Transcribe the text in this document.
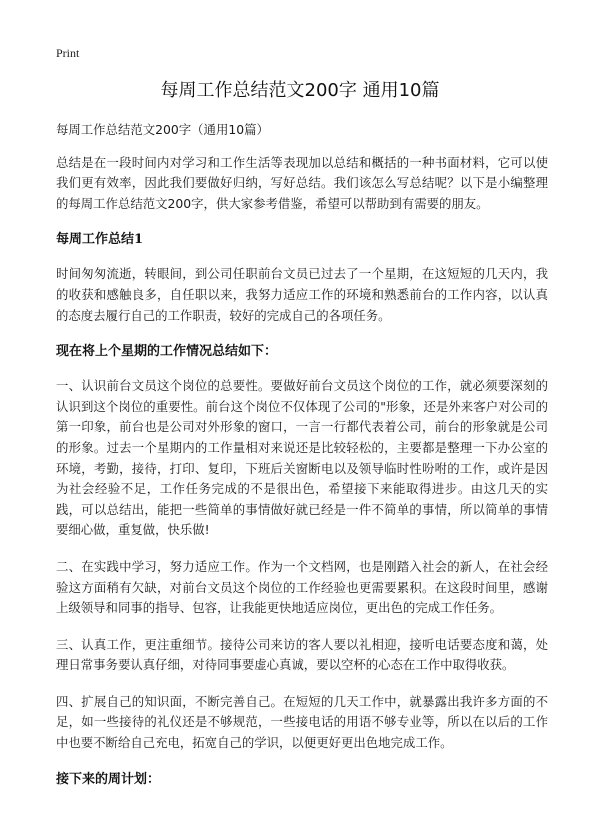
Print
每周工作总结范文200字 通用10篇

每周工作总结范文200字（通用10篇）

总结是在一段时间内对学习和工作生活等表现加以总结和概括的一种书面材料，它可以使我们更有效率，因此我们要做好归纳，写好总结。我们该怎么写总结呢？以下是小编整理的每周工作总结范文200字，供大家参考借鉴，希望可以帮助到有需要的朋友。

每周工作总结1

时间匆匆流逝，转眼间，到公司任职前台文员已过去了一个星期，在这短短的几天内，我的收获和感触良多，自任职以来，我努力适应工作的环境和熟悉前台的工作内容，以认真的态度去履行自己的工作职责，较好的完成自己的各项任务。

现在将上个星期的工作情况总结如下：

一、认识前台文员这个岗位的总要性。要做好前台文员这个岗位的工作，就必须要深刻的认识到这个岗位的重要性。前台这个岗位不仅体现了公司的"形象，还是外来客户对公司的第一印象，前台也是公司对外形象的窗口，一言一行都代表着公司，前台的形象就是公司的形象。过去一个星期内的工作量相对来说还是比较轻松的，主要都是整理一下办公室的环境，考勤，接待，打印、复印，下班后关窗断电以及领导临时性吩咐的工作，或许是因为社会经验不足，工作任务完成的不是很出色，希望接下来能取得进步。由这几天的实践，可以总结出，能把一些简单的事情做好就已经是一件不简单的事情，所以简单的事情要细心做，重复做，快乐做!

二、在实践中学习，努力适应工作。作为一个文档网，也是刚踏入社会的新人，在社会经验这方面稍有欠缺，对前台文员这个岗位的工作经验也更需要累积。在这段时间里，感谢上级领导和同事的指导、包容，让我能更快地适应岗位，更出色的完成工作任务。

三、认真工作，更注重细节。接待公司来访的客人要以礼相迎，接听电话要态度和蔼，处理日常事务要认真仔细，对待同事要虚心真诚，要以空杯的心态在工作中取得收获。

四、扩展自己的知识面，不断完善自己。在短短的几天工作中，就暴露出我许多方面的不足，如一些接待的礼仪还是不够规范，一些接电话的用语不够专业等，所以在以后的工作中也要不断给自己充电，拓宽自己的学识，以便更好更出色地完成工作。

接下来的周计划：
